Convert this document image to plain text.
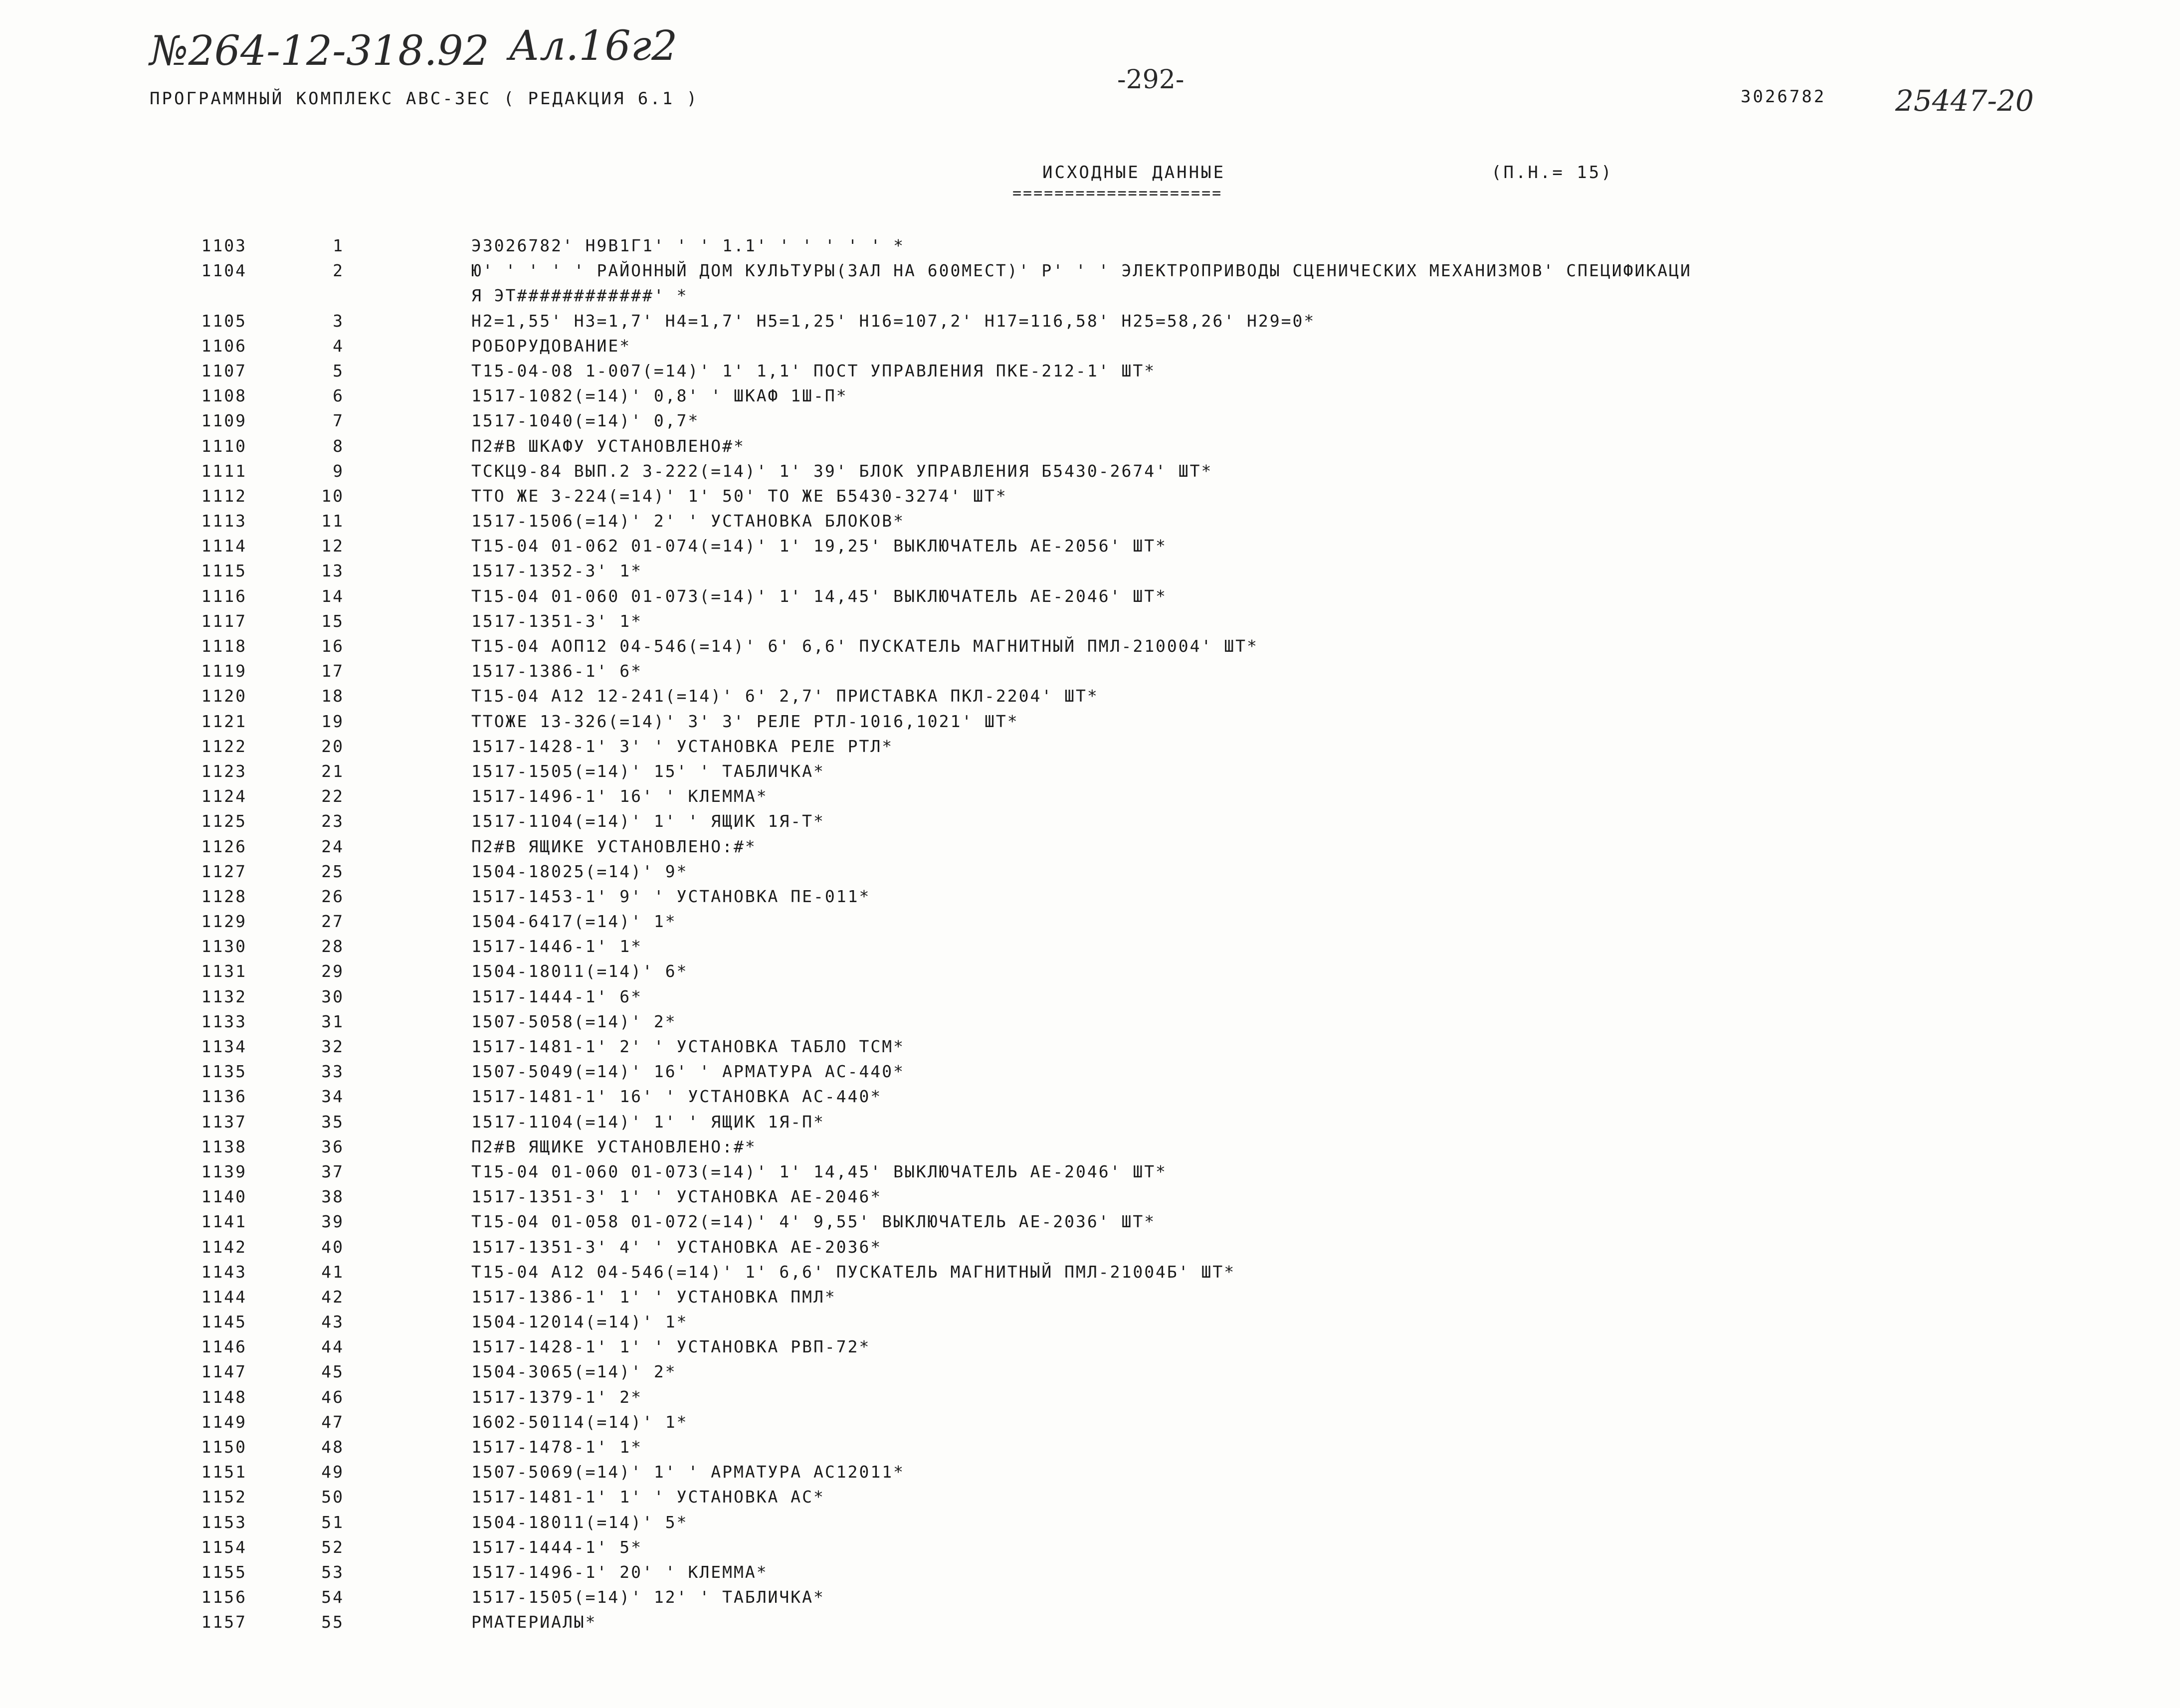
№264-12-318.92 Ал.16г2
-292-
25447-20
ПРОГРАММНЫЙ КОМПЛЕКС АВС-ЗЕС ( РЕДАКЦИЯ 6.1 )	3026782
ИСХОДНЫЕ ДАННЫЕ
====================
(П.Н.= 15)
1103	1	Э3026782' Н9В1Г1' ' ' 1.1' ' ' ' ' ' *
1104	2	Ю' ' ' ' ' РАЙОННЫЙ ДОМ КУЛЬТУРЫ(ЗАЛ НА 600МЕСТ)' Р' ' ' ЭЛЕКТРОПРИВОДЫ СЦЕНИЧЕСКИХ МЕХАНИЗМОВ' СПЕЦИФИКАЦИ
Я ЭТ############' *
1105	3	Н2=1,55' Н3=1,7' Н4=1,7' Н5=1,25' Н16=107,2' Н17=116,58' Н25=58,26' Н29=0*
1106	4	РОБОРУДОВАНИЕ*
1107	5	Т15-04-08 1-007(=14)' 1' 1,1' ПОСТ УПРАВЛЕНИЯ ПКЕ-212-1' ШТ*
1108	6	1517-1082(=14)' 0,8' ' ШКАФ 1Ш-П*
1109	7	1517-1040(=14)' 0,7*
1110	8	П2#В ШКАФУ УСТАНОВЛЕНО#*
1111	9	ТСКЦ9-84 ВЫП.2 3-222(=14)' 1' 39' БЛОК УПРАВЛЕНИЯ Б5430-2674' ШТ*
1112	10	ТТО ЖЕ 3-224(=14)' 1' 50' ТО ЖЕ Б5430-3274' ШТ*
1113	11	1517-1506(=14)' 2' ' УСТАНОВКА БЛОКОВ*
1114	12	Т15-04 01-062 01-074(=14)' 1' 19,25' ВЫКЛЮЧАТЕЛЬ АЕ-2056' ШТ*
1115	13	1517-1352-3' 1*
1116	14	Т15-04 01-060 01-073(=14)' 1' 14,45' ВЫКЛЮЧАТЕЛЬ АЕ-2046' ШТ*
1117	15	1517-1351-3' 1*
1118	16	Т15-04 АОП12 04-546(=14)' 6' 6,6' ПУСКАТЕЛЬ МАГНИТНЫЙ ПМЛ-210004' ШТ*
1119	17	1517-1386-1' 6*
1120	18	Т15-04 А12 12-241(=14)' 6' 2,7' ПРИСТАВКА ПКЛ-2204' ШТ*
1121	19	ТТОЖЕ 13-326(=14)' 3' 3' РЕЛЕ РТЛ-1016,1021' ШТ*
1122	20	1517-1428-1' 3' ' УСТАНОВКА РЕЛЕ РТЛ*
1123	21	1517-1505(=14)' 15' ' ТАБЛИЧКА*
1124	22	1517-1496-1' 16' ' КЛЕММА*
1125	23	1517-1104(=14)' 1' ' ЯЩИК 1Я-Т*
1126	24	П2#В ЯЩИКЕ УСТАНОВЛЕНО:#*
1127	25	1504-18025(=14)' 9*
1128	26	1517-1453-1' 9' ' УСТАНОВКА ПЕ-011*
1129	27	1504-6417(=14)' 1*
1130	28	1517-1446-1' 1*
1131	29	1504-18011(=14)' 6*
1132	30	1517-1444-1' 6*
1133	31	1507-5058(=14)' 2*
1134	32	1517-1481-1' 2' ' УСТАНОВКА ТАБЛО ТСМ*
1135	33	1507-5049(=14)' 16' ' АРМАТУРА АС-440*
1136	34	1517-1481-1' 16' ' УСТАНОВКА АС-440*
1137	35	1517-1104(=14)' 1' ' ЯЩИК 1Я-П*
1138	36	П2#В ЯЩИКЕ УСТАНОВЛЕНО:#*
1139	37	Т15-04 01-060 01-073(=14)' 1' 14,45' ВЫКЛЮЧАТЕЛЬ АЕ-2046' ШТ*
1140	38	1517-1351-3' 1' ' УСТАНОВКА АЕ-2046*
1141	39	Т15-04 01-058 01-072(=14)' 4' 9,55' ВЫКЛЮЧАТЕЛЬ АЕ-2036' ШТ*
1142	40	1517-1351-3' 4' ' УСТАНОВКА АЕ-2036*
1143	41	Т15-04 А12 04-546(=14)' 1' 6,6' ПУСКАТЕЛЬ МАГНИТНЫЙ ПМЛ-21004Б' ШТ*
1144	42	1517-1386-1' 1' ' УСТАНОВКА ПМЛ*
1145	43	1504-12014(=14)' 1*
1146	44	1517-1428-1' 1' ' УСТАНОВКА РВП-72*
1147	45	1504-3065(=14)' 2*
1148	46	1517-1379-1' 2*
1149	47	1602-50114(=14)' 1*
1150	48	1517-1478-1' 1*
1151	49	1507-5069(=14)' 1' ' АРМАТУРА АС12011*
1152	50	1517-1481-1' 1' ' УСТАНОВКА АС*
1153	51	1504-18011(=14)' 5*
1154	52	1517-1444-1' 5*
1155	53	1517-1496-1' 20' ' КЛЕММА*
1156	54	1517-1505(=14)' 12' ' ТАБЛИЧКА*
1157	55	РМАТЕРИАЛЫ*
